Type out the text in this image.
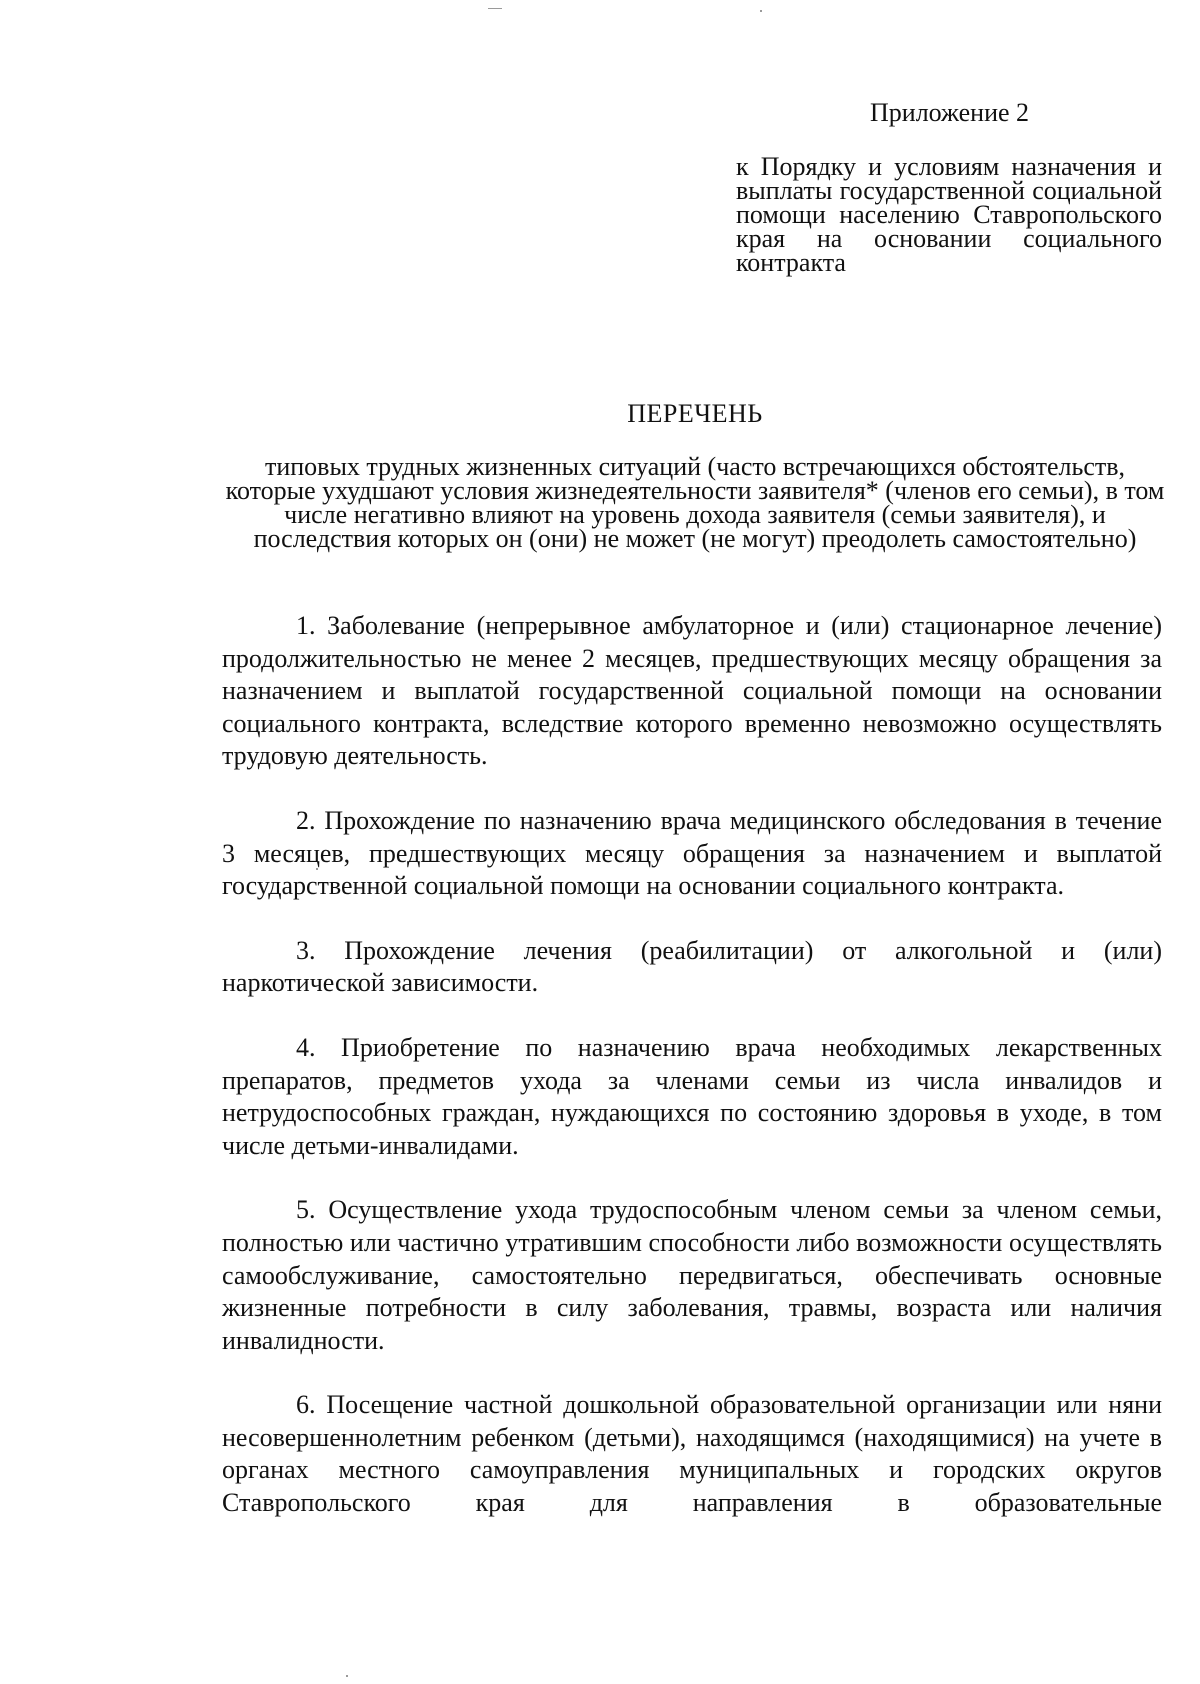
Приложение 2
к Порядку и условиям назначения и выплаты государственной социальной помощи населению Ставропольского края на основании социального контракта
ПЕРЕЧЕНЬ
типовых трудных жизненных ситуаций (часто встречающихся обстоятельств, которые ухудшают условия жизнедеятельности заявителя* (членов его семьи), в том числе негативно влияют на уровень дохода заявителя (семьи заявителя), и последствия которых он (они) не может (не могут) преодолеть самостоятельно)

1. Заболевание (непрерывное амбулаторное и (или) стационарное лечение) продолжительностью не менее 2 месяцев, предшествующих месяцу обращения за назначением и выплатой государственной социальной помощи на основании социального контракта, вследствие которого временно невозможно осуществлять трудовую деятельность.

2. Прохождение по назначению врача медицинского обследования в течение 3 месяцев, предшествующих месяцу обращения за назначением и выплатой государственной социальной помощи на основании социального контракта.

3. Прохождение лечения (реабилитации) от алкогольной и (или) наркотической зависимости.

4. Приобретение по назначению врача необходимых лекарственных препаратов, предметов ухода за членами семьи из числа инвалидов и нетрудоспособных граждан, нуждающихся по состоянию здоровья в уходе, в том числе детьми-инвалидами.

5. Осуществление ухода трудоспособным членом семьи за членом семьи, полностью или частично утратившим способности либо возможности осуществлять самообслуживание, самостоятельно передвигаться, обеспечивать основные жизненные потребности в силу заболевания, травмы, возраста или наличия инвалидности.

6. Посещение частной дошкольной образовательной организации или няни несовершеннолетним ребенком (детьми), находящимся (находящимися) на учете в органах местного самоуправления муниципальных и городских округов Ставропольского края для направления в образовательные
